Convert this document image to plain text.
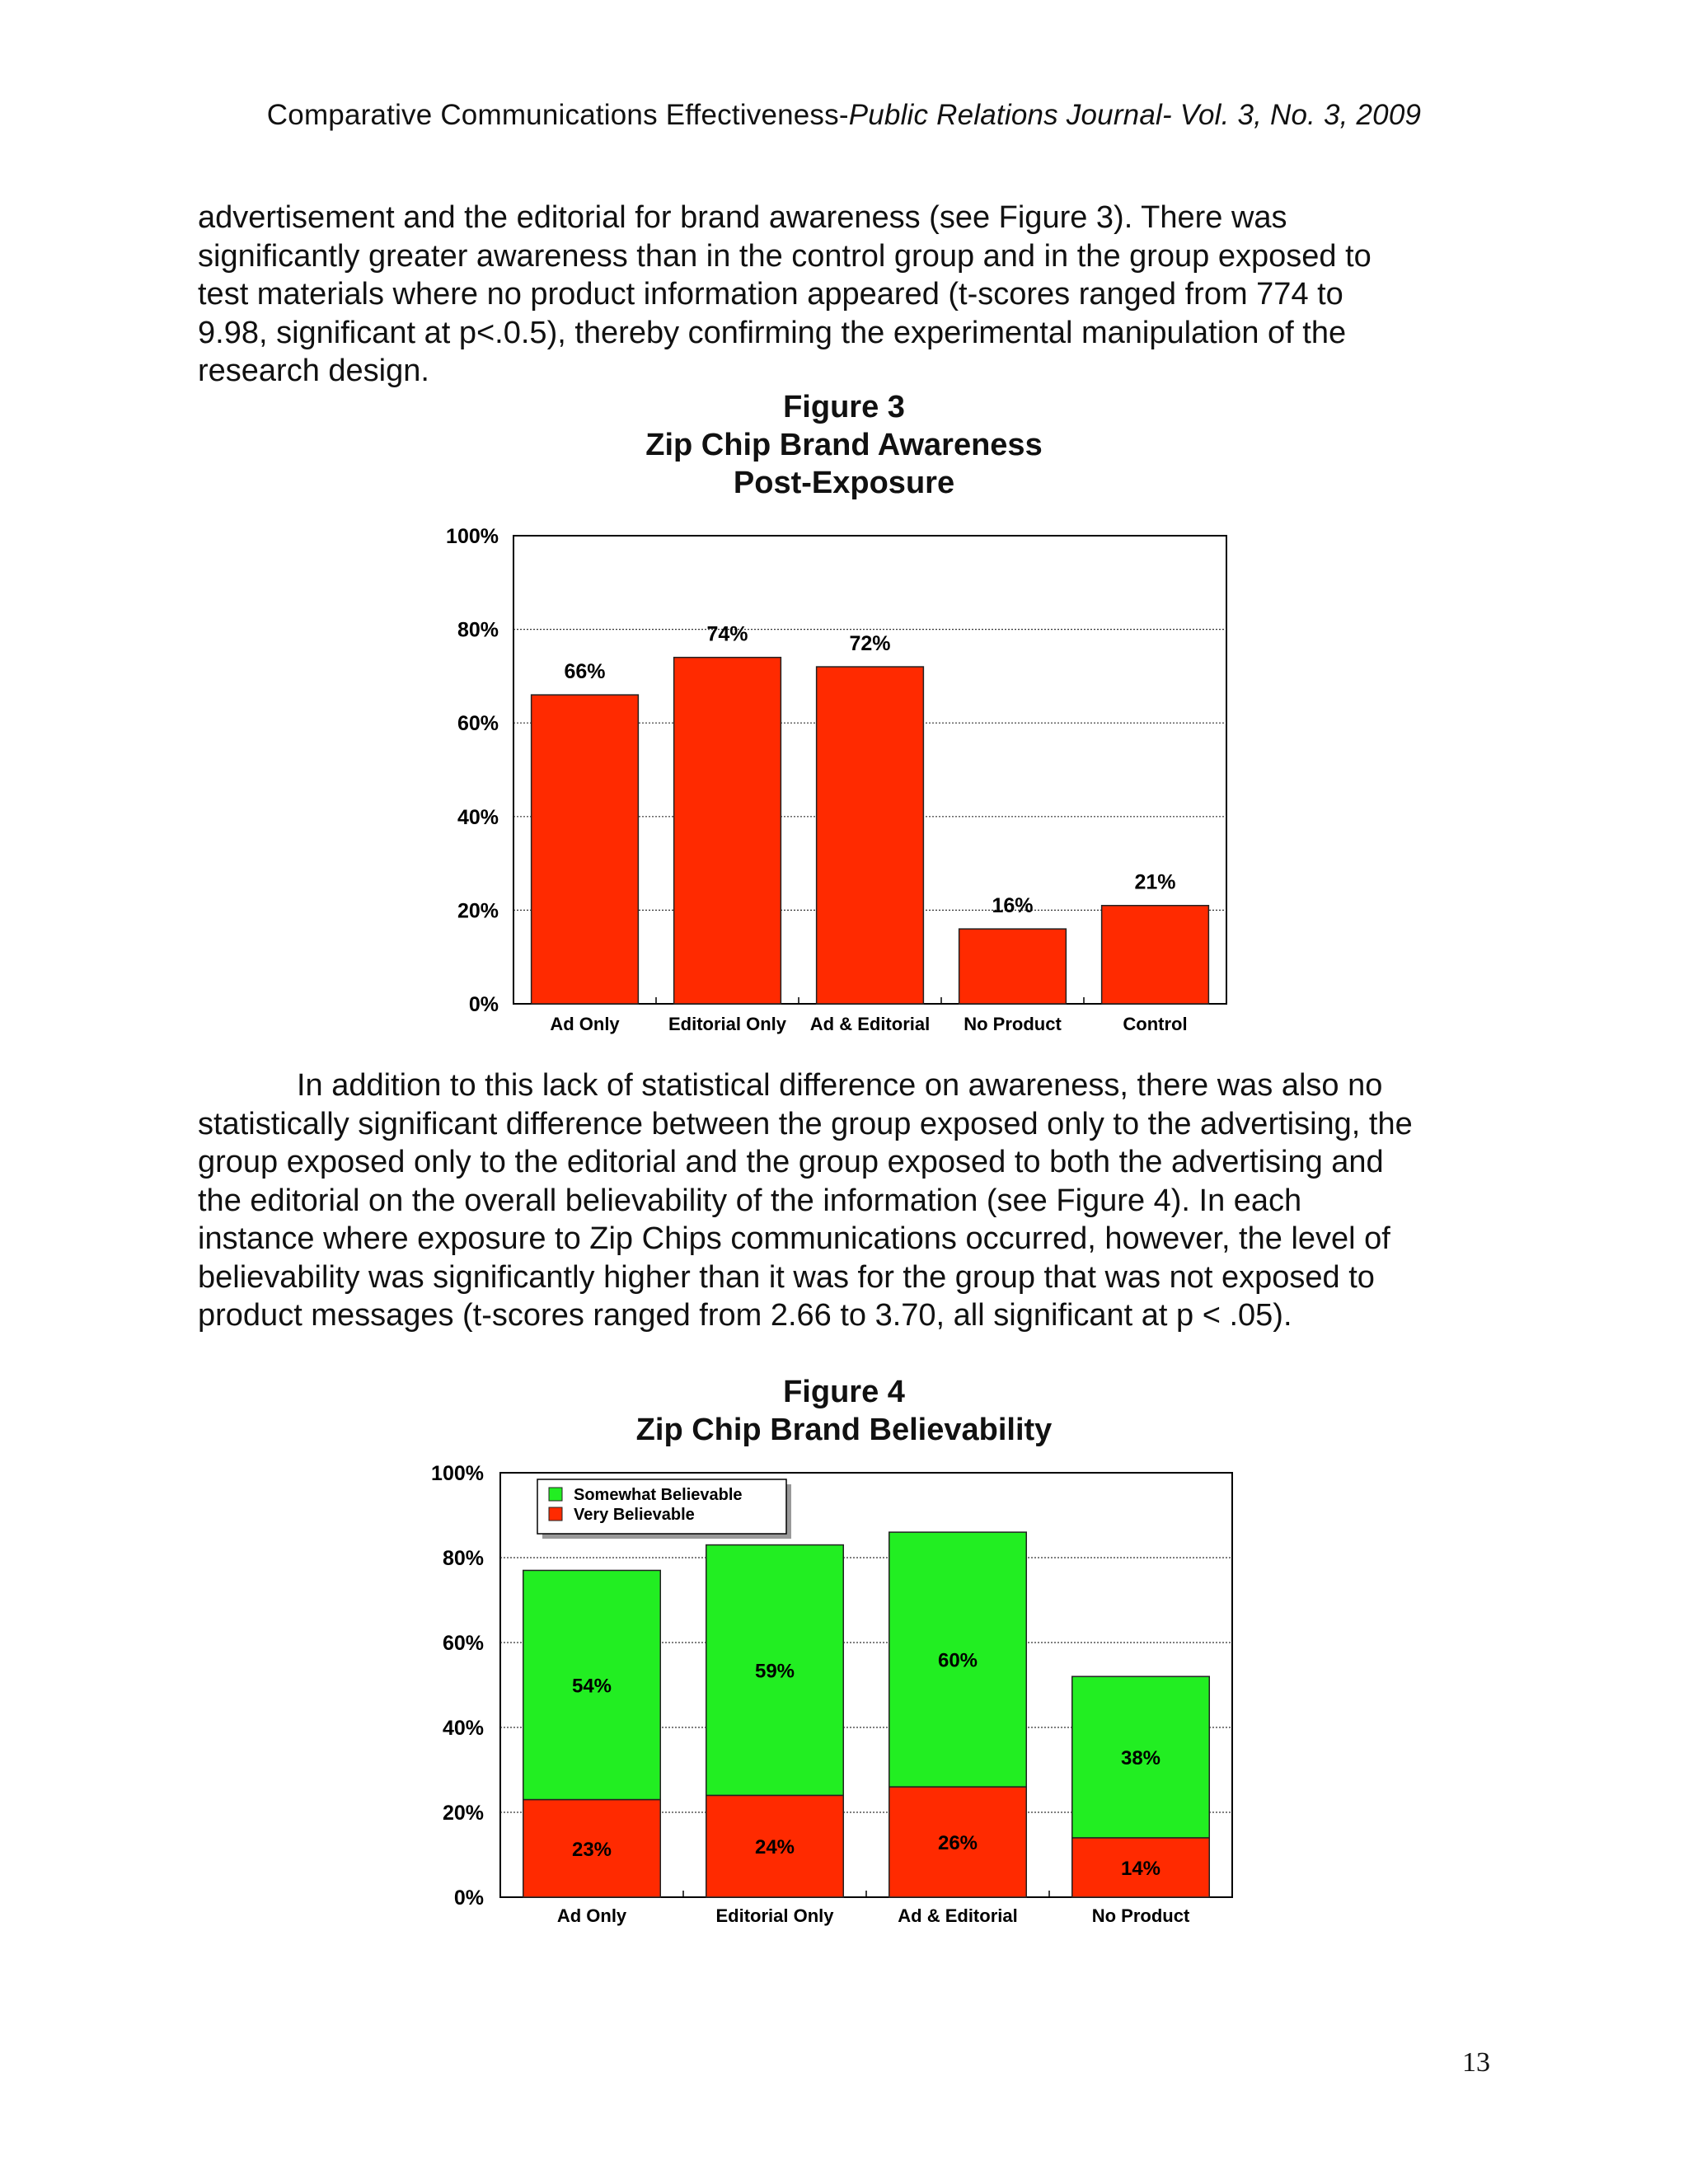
Comparative Communications Effectiveness-Public Relations Journal- Vol. 3, No. 3, 2009

advertisement and the editorial for brand awareness (see Figure 3). There was
significantly greater awareness than in the control group and in the group exposed to
test materials where no product information appeared (t-scores ranged from 774 to
9.98, significant at p<.0.5), thereby confirming the experimental manipulation of the
research design.

Figure 3
Zip Chip Brand Awareness
Post-Exposure
0%
20%
40%
60%
80%
100%
66%
Ad Only
74%
Editorial Only
72%
Ad & Editorial
16%
No Product
21%
Control

In addition to this lack of statistical difference on awareness, there was also no
statistically significant difference between the group exposed only to the advertising, the
group exposed only to the editorial and the group exposed to both the advertising and
the editorial on the overall believability of the information (see Figure 4). In each
instance where exposure to Zip Chips communications occurred, however, the level of
believability was significantly higher than it was for the group that was not exposed to
product messages (t-scores ranged from 2.66 to 3.70, all significant at p < .05).

Figure 4
Zip Chip Brand Believability
0%
20%
40%
60%
80%
100%
23%
54%
Ad Only
24%
59%
Editorial Only
26%
60%
Ad & Editorial
14%
38%
No Product
Somewhat Believable
Very Believable
13
